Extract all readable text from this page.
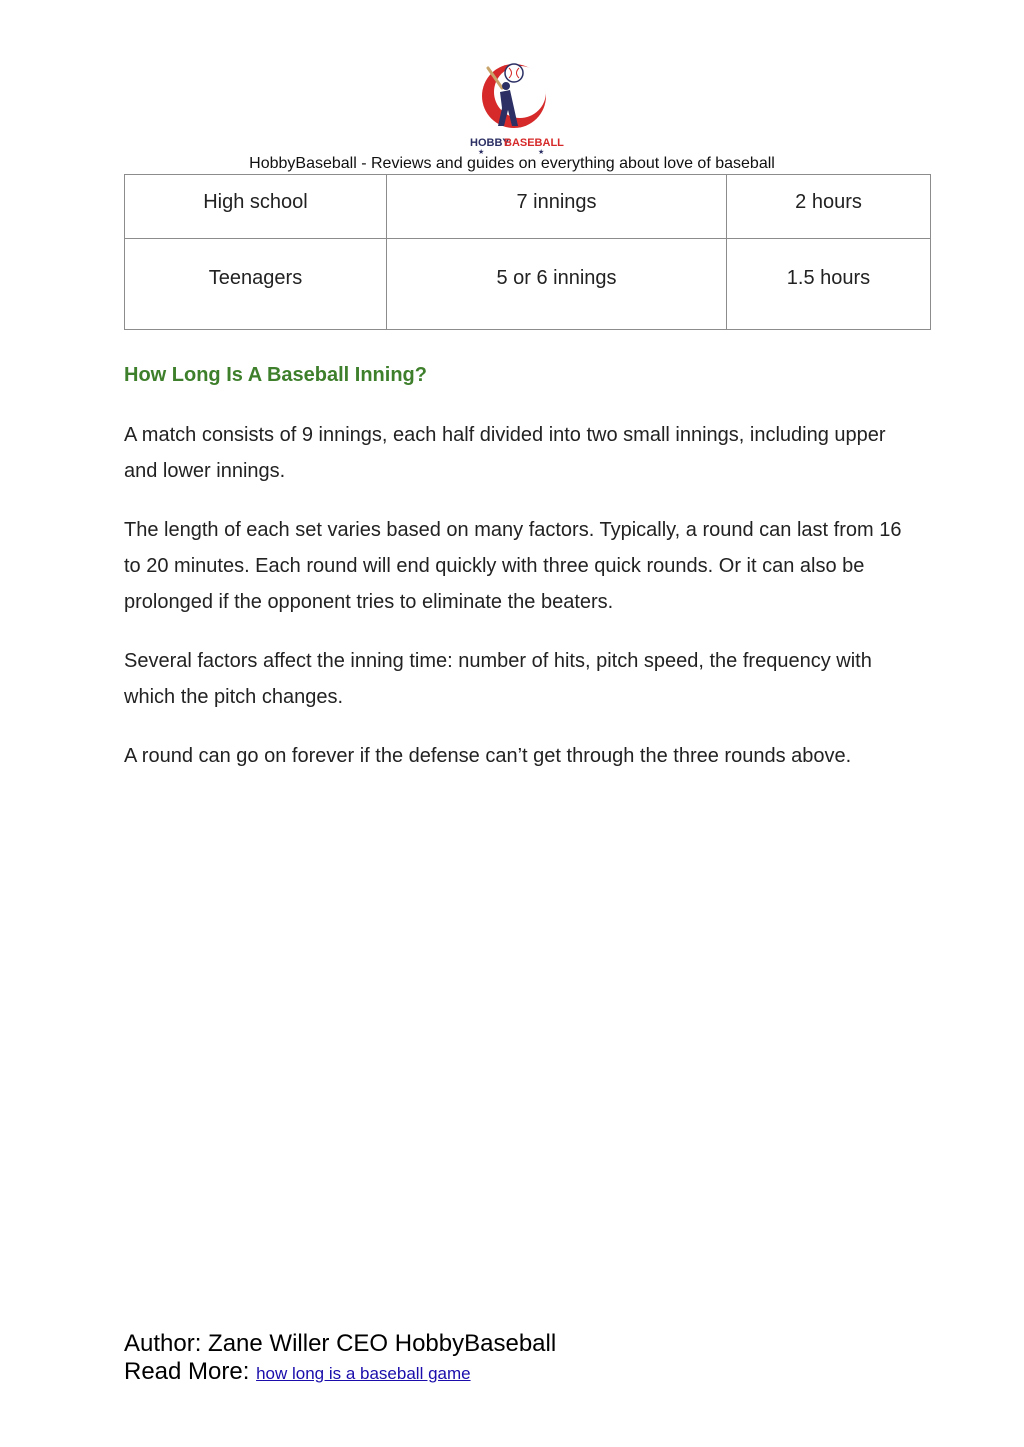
HOBBY
BASEBALL
★	★
HobbyBaseball - Reviews and guides on everything about love of baseball
High school	7 innings	2 hours
Teenagers	5 or 6 innings	1.5 hours
How Long Is A Baseball Inning?

A match consists of 9 innings, each half divided into two small innings, including upper and lower innings.

The length of each set varies based on many factors. Typically, a round can last from 16 to 20 minutes. Each round will end quickly with three quick rounds. Or it can also be prolonged if the opponent tries to eliminate the beaters.

Several factors affect the inning time: number of hits, pitch speed, the frequency with which the pitch changes.

A round can go on forever if the defense can’t get through the three rounds above.

Author: Zane Willer CEO HobbyBaseball
Read More: how long is a baseball game
